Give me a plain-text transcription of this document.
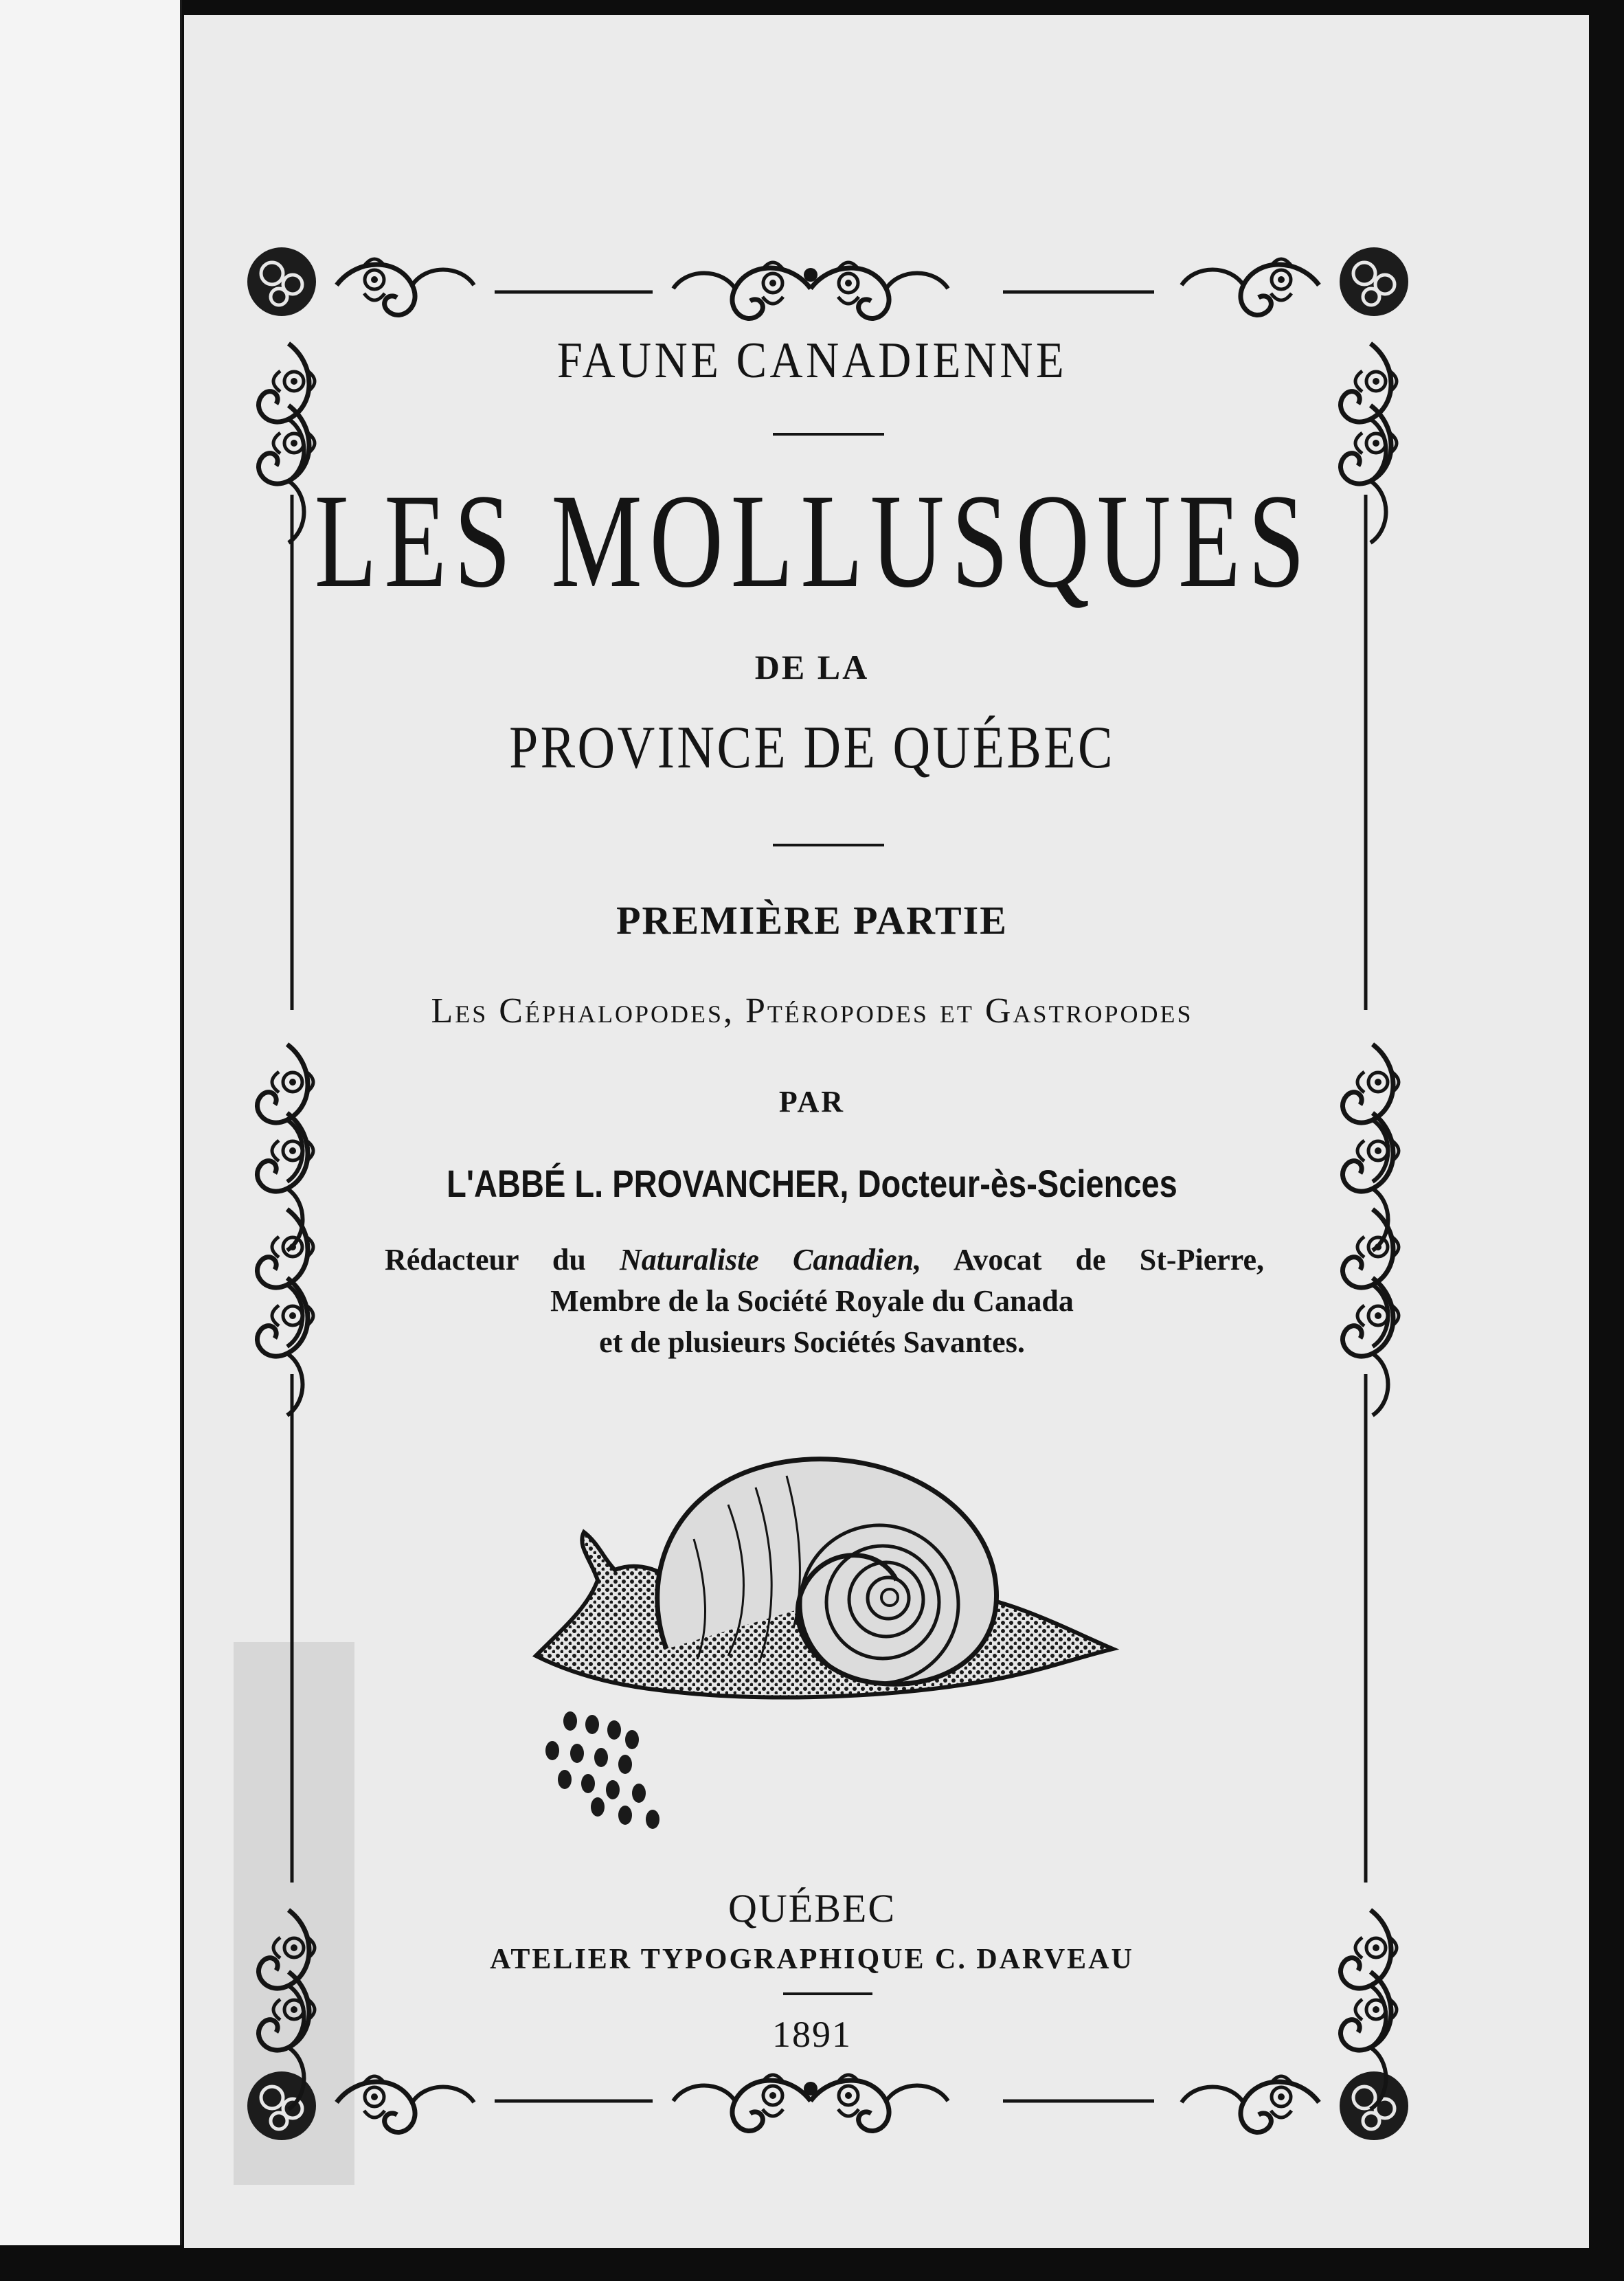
FAUNE CANADIENNE

LES MOLLUSQUES

DE LA

PROVINCE DE QUÉBEC

PREMIÈRE PARTIE

Les Céphalopodes, Ptéropodes et Gastropodes

PAR

L'ABBÉ L. PROVANCHER, Docteur-ès-Sciences

Rédacteur du Naturaliste Canadien, Avocat de St-Pierre,

Membre de la Société Royale du Canada

et de plusieurs Sociétés Savantes.

QUÉBEC

ATELIER TYPOGRAPHIQUE C. DARVEAU

1891
